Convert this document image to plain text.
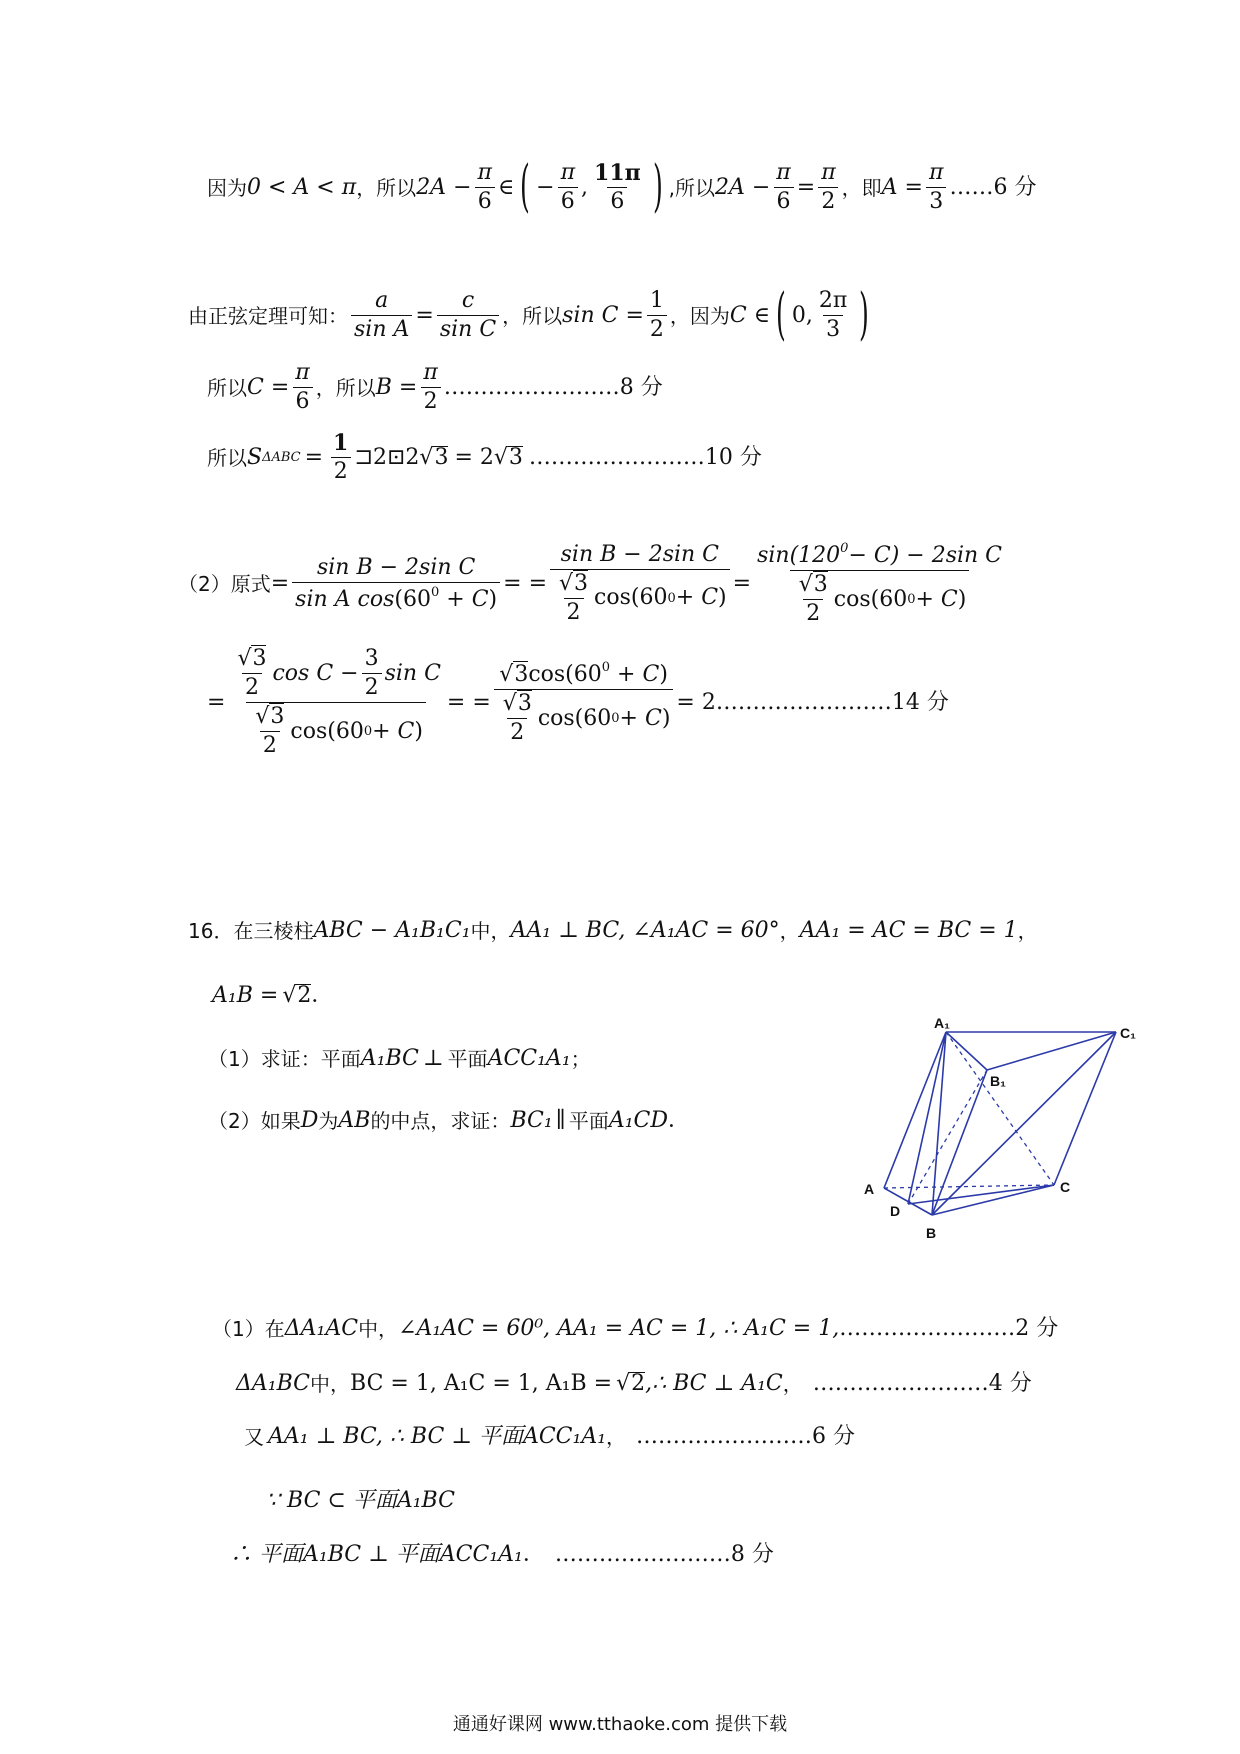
因为 0 < A < π ，所以 $2A - \frac{\pi}{6}$ ∈ ( − $\frac{\pi}{6}$ , $\frac{11\pi}{6}$ ) ,所以 $2A - \frac{\pi}{6} = \frac{\pi}{2}$ ，即 $A = \frac{\pi}{3}$ ……6 分
由正弦定理可知： $\frac{a}{\text{sin A}} = \frac{c}{\text{sin C}}$ ，所以 $\sin C = \frac{1}{2}$ ，因为 C ∈ ( 0, $\frac{2\pi}{3}$ )
所以 $C = \frac{\pi}{6}$ ，所以 $B = \frac{\pi}{2}$ ……………………8 分
所以 S $\Delta ABC = \frac{1}{2}$ ⊐2⊡2 √ 3 = 2 √ 3 ……………………10 分
（2）原式 = $\frac{\text{sin B − 2sin C}}{\sin A \cos(60^0 + C)}$ = = $\frac{\text{sin B − 2sin C}}{\frac{√3}{2} \cos ( 60 0 + C )} = \frac{\sin(120^0- C) - 2\sin C}{\frac{√3}{2} \cos ( 60 0 + C )}$
= $\frac{\frac{√3}{2} \cos C - \frac{3}{2} \sin C}{\frac{√3}{2} \cos ( 60 0 + C )}$ = = $\frac{√3\cos(60^0 + C)}{\frac{√3}{2} \cos ( 60 0 + C )} = 2$ ……………………14 分
16．在三棱柱 ABC − A₁B₁C₁ 中， AA₁ ⊥ BC, ∠A₁AC = 60° ， AA₁ = AC = BC = 1 ，
A₁B = √ 2 ．
（1）求证：平面 A₁BC ⊥ 平面 ACC₁A₁ ；
（2）如果 D 为 AB 的中点，求证： BC₁ ∥ 平面 A₁CD ．
A₁
C₁
B₁
A	C
D
B
（1）在 ΔA₁AC 中， ∠A₁AC = 60⁰, AA₁ = AC = 1, ∴ A₁C = 1, ……………………2 分
ΔA₁BC 中， BC = 1, A₁C = 1, A₁B = √ 2 ,∴ BC ⊥ A₁C ， ……………………4 分
又 AA₁ ⊥ BC, ∴ BC ⊥ 平面ACC₁A₁ ， ……………………6 分
∵ BC ⊂ 平面A₁BC
∴ 平面A₁BC ⊥ 平面ACC₁A₁ ． ……………………8 分
通通好课网 www.tthaoke.com 提供下载
